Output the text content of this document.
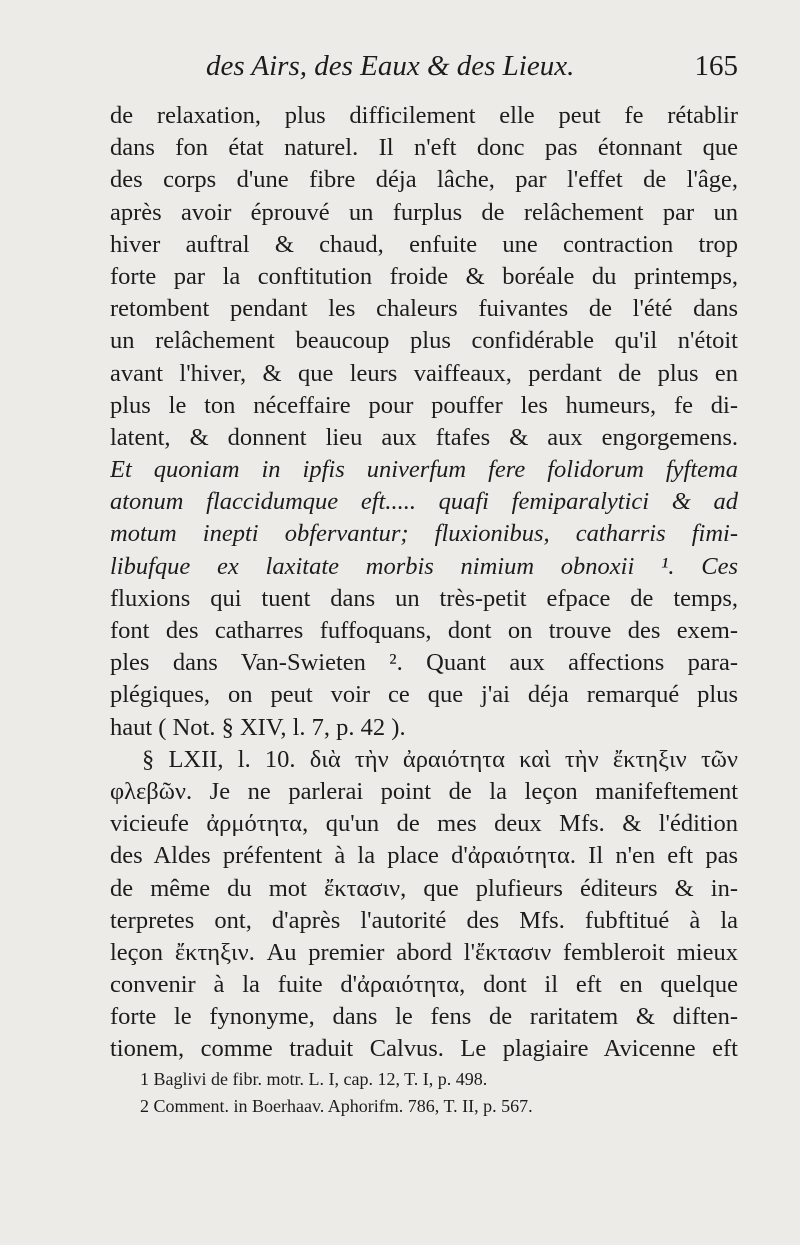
des Airs, des Eaux & des Lieux.	165
de relaxation, plus difficilement elle peut fe rétablir
dans fon état naturel. Il n'eft donc pas étonnant que
des corps d'une fibre déja lâche, par l'effet de l'âge,
après avoir éprouvé un furplus de relâchement par un
hiver auftral & chaud, enfuite une contraction trop
forte par la conftitution froide & boréale du printemps,
retombent pendant les chaleurs fuivantes de l'été dans
un relâchement beaucoup plus confidérable qu'il n'étoit
avant l'hiver, & que leurs vaiffeaux, perdant de plus en
plus le ton néceffaire pour pouffer les humeurs, fe di-
latent, & donnent lieu aux ftafes & aux engorgemens.
Et quoniam in ipfis univerfum fere folidorum fyftema
atonum flaccidumque eft..... quafi femiparalytici & ad
motum inepti obfervantur; fluxionibus, catharris fimi-
libufque ex laxitate morbis nimium obnoxii ¹. Ces
fluxions qui tuent dans un très-petit efpace de temps,
font des catharres fuffoquans, dont on trouve des exem-
ples dans Van-Swieten ². Quant aux affections para-
plégiques, on peut voir ce que j'ai déja remarqué plus
haut ( Not. § XIV, l. 7, p. 42 ).
§ LXII, l. 10. διὰ τὴν ἀραιότητα καὶ τὴν ἔκτηξιν τῶν
φλεβῶν. Je ne parlerai point de la leçon manifeftement
vicieufe ἀρμότητα, qu'un de mes deux Mfs. & l'édition
des Aldes préfentent à la place d'ἀραιότητα. Il n'en eft pas
de même du mot ἔκτασιν, que plufieurs éditeurs & in-
terpretes ont, d'après l'autorité des Mfs. fubftitué à la
leçon ἔκτηξιν. Au premier abord l'ἔκτασιν fembleroit mieux
convenir à la fuite d'ἀραιότητα, dont il eft en quelque
forte le fynonyme, dans le fens de raritatem & diften-
tionem, comme traduit Calvus. Le plagiaire Avicenne eft
1 Baglivi de fibr. motr. L. I, cap. 12, T. I, p. 498.
2 Comment. in Boerhaav. Aphorifm. 786, T. II, p. 567.
